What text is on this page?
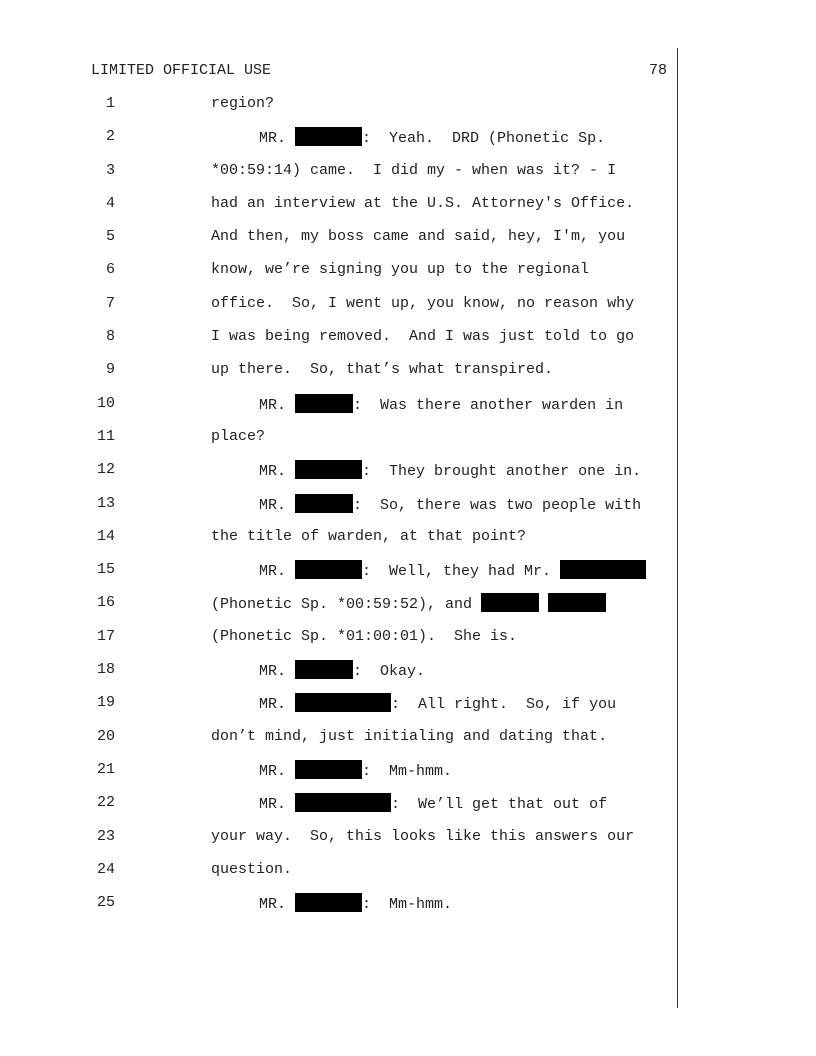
LIMITED OFFICIAL USE	78
1	region?
2	MR.	:  Yeah.  DRD (Phonetic Sp.
3	*00:59:14) came.  I did my - when was it? - I
4	had an interview at the U.S. Attorney's Office.
5	And then, my boss came and said, hey, I'm, you
6	know, we’re signing you up to the regional
7	office.  So, I went up, you know, no reason why
8	I was being removed.  And I was just told to go
9	up there.  So, that’s what transpired.
10	MR.	:  Was there another warden in
11	place?
12	MR.	:  They brought another one in.
13	MR.	:  So, there was two people with
14	the title of warden, at that point?
15	MR.	:  Well, they had Mr.
16	(Phonetic Sp. *00:59:52), and
17	(Phonetic Sp. *01:00:01).  She is.
18	MR.	:  Okay.
19	MR.	:  All right.  So, if you
20	don’t mind, just initialing and dating that.
21	MR.	:  Mm-hmm.
22	MR.	:  We’ll get that out of
23	your way.  So, this looks like this answers our
24	question.
25	MR.	:  Mm-hmm.
